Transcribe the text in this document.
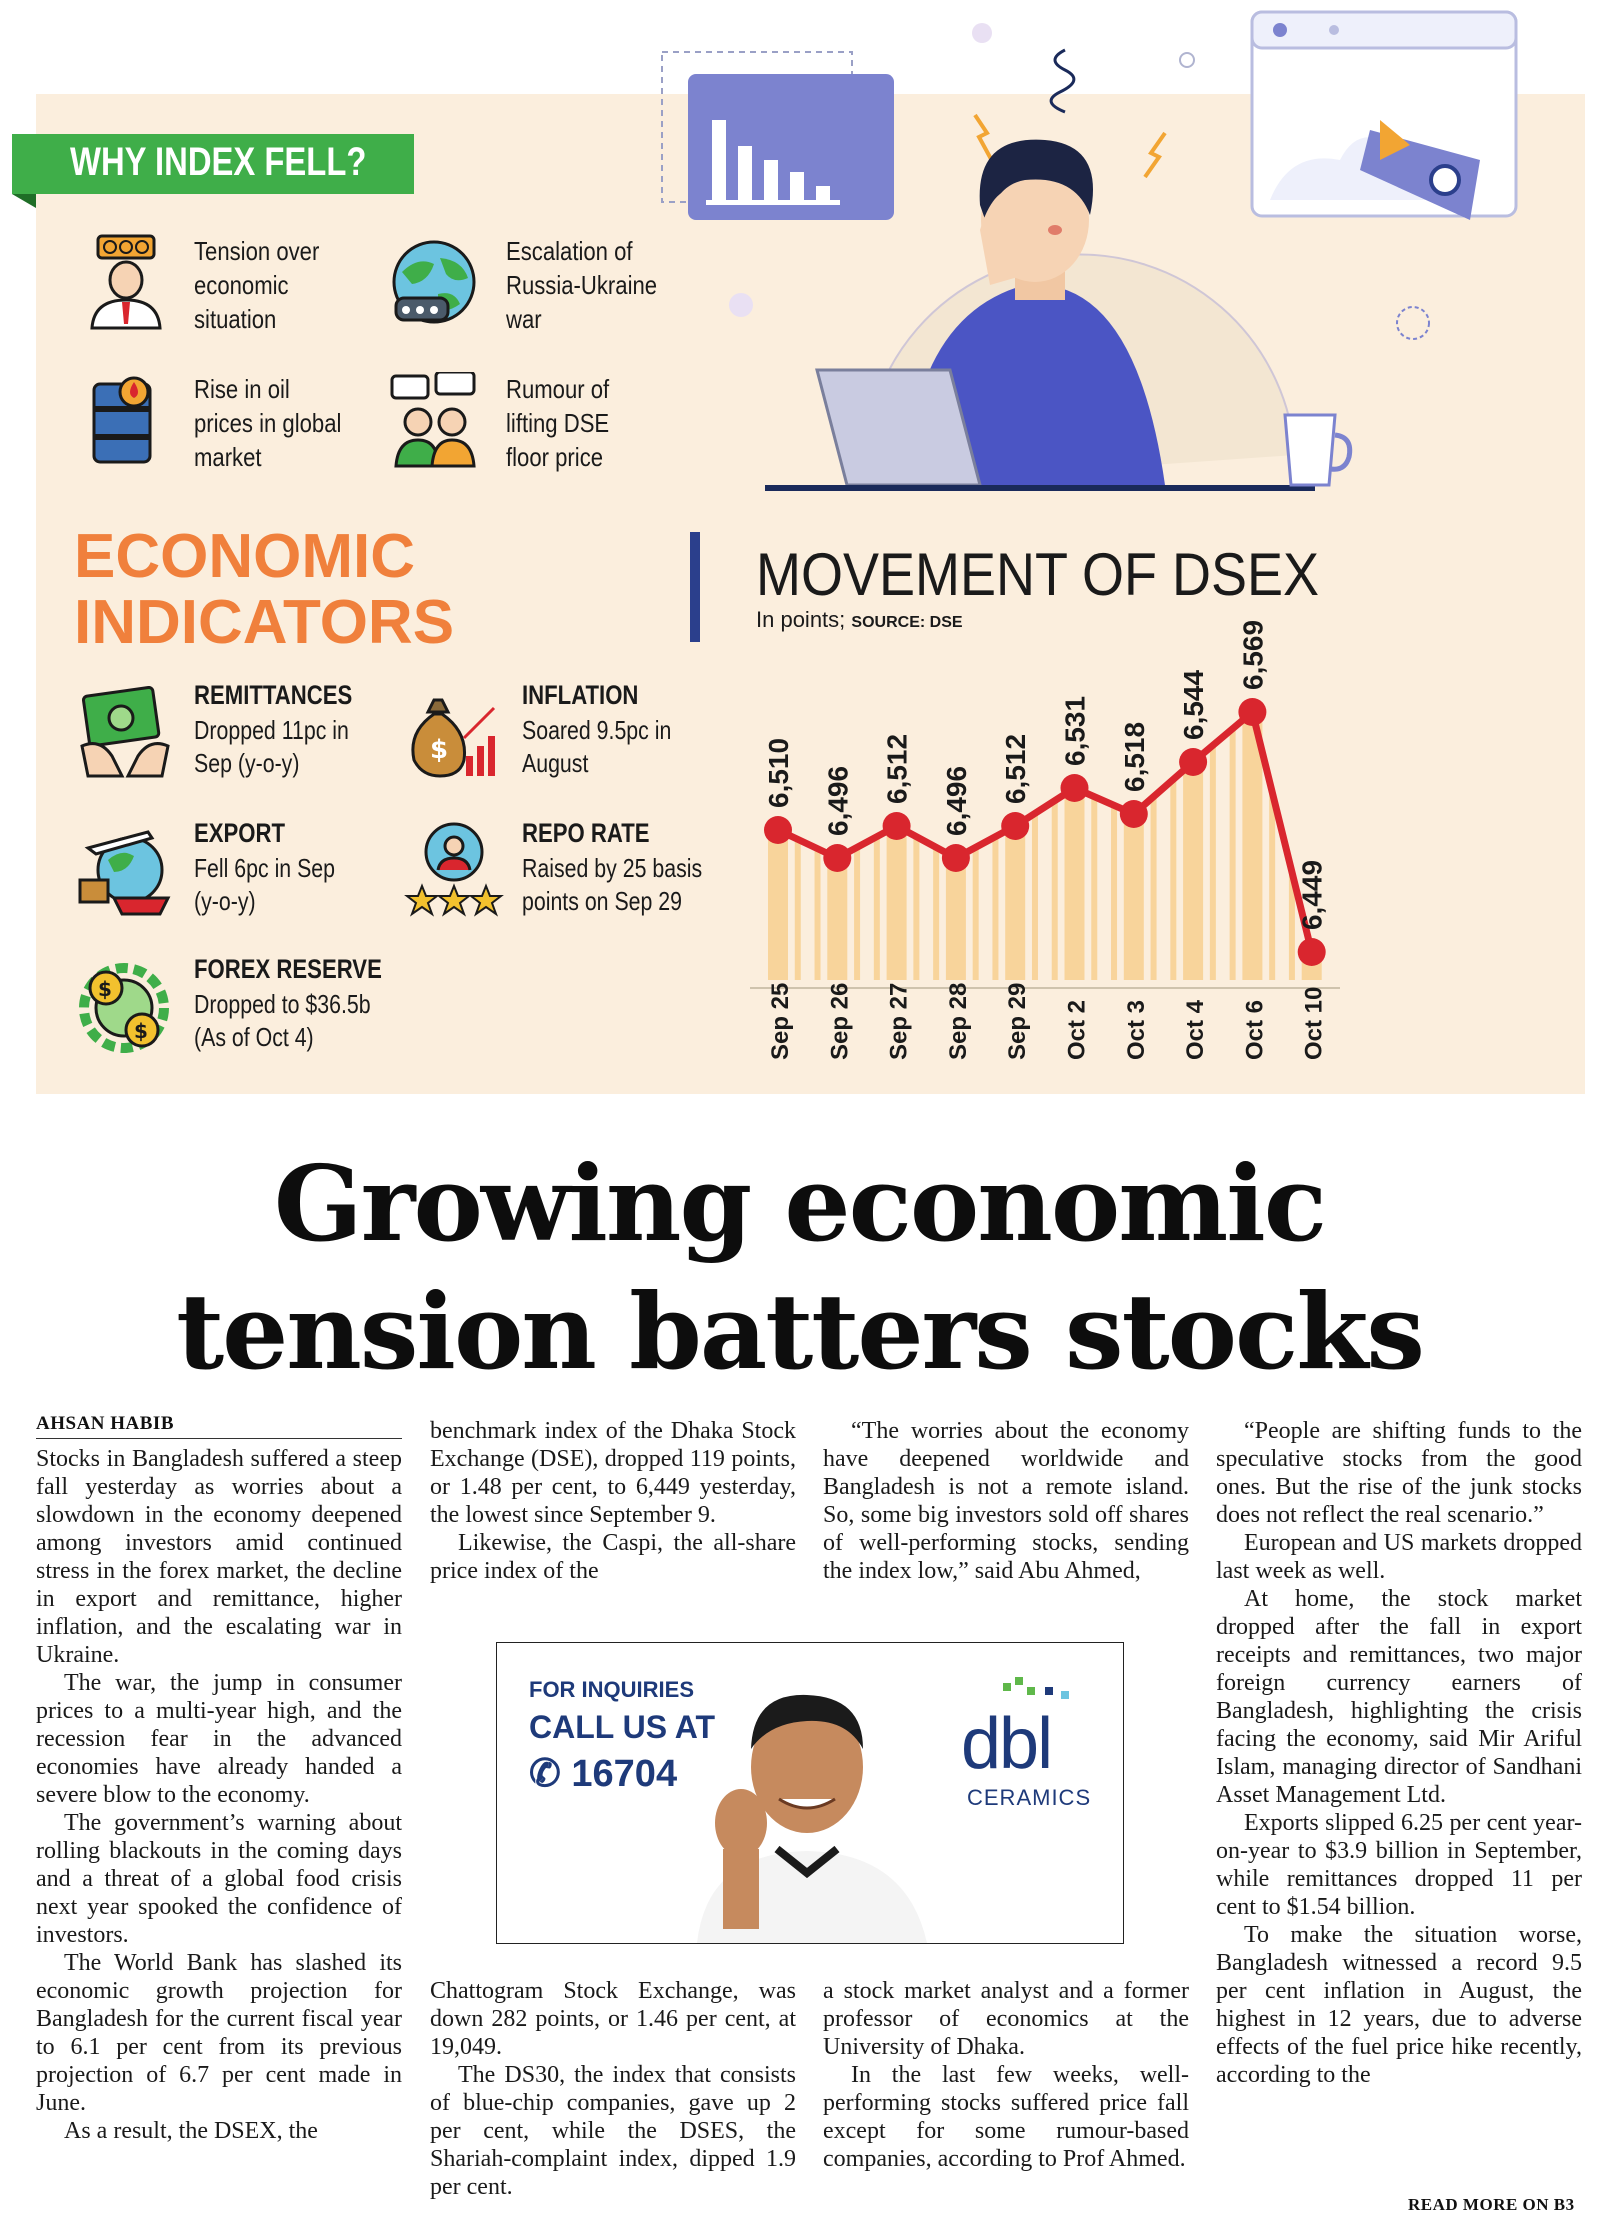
WHY INDEX FELL?
Tension over
economic
situation
Escalation of
Russia-Ukraine
war
Rise in oil
prices in global
market
Rumour of
lifting DSE
floor price
ECONOMIC
INDICATORS
REMITTANCES
Dropped 11pc in
Sep (y-o-y)	$
INFLATION
Soared 9.5pc in
August
EXPORT
Fell 6pc in Sep
(y-o-y)
REPO RATE
Raised by 25 basis
points on Sep 29
$
$
FOREX RESERVE
Dropped to $36.5b
(As of Oct 4)
MOVEMENT OF DSEX
In points; SOURCE: DSE
6,510
Sep 25
6,496
Sep 26
6,512
Sep 27
6,496
Sep 28
6,512
Sep 29
6,531
Oct 2
6,518
Oct 3
6,544
Oct 4
6,569
Oct 6
6,449
Oct 10
Growing economic
tension batters stocks
AHSAN HABIB

Stocks in Bangladesh suffered a steep fall yesterday as worries about a slowdown in the economy deepened among investors amid continued stress in the forex market, the decline in export and remittance, higher inflation, and the escalating war in Ukraine.

The war, the jump in consumer prices to a multi-year high, and the recession fear in the advanced economies have already handed a severe blow to the economy.

The government’s warning about rolling blackouts in the coming days and a threat of a global food crisis next year spooked the confidence of investors.

The World Bank has slashed its economic growth projection for Bangladesh for the current fiscal year to 6.1 per cent from its previous projection of 6.7 per cent made in June.

As a result, the DSEX, the

benchmark index of the Dhaka Stock Exchange (DSE), dropped 119 points, or 1.48 per cent, to 6,449 yesterday, the lowest since September 9.

Likewise, the Caspi, the all-share price index of the

Chattogram Stock Exchange, was down 282 points, or 1.46 per cent, at 19,049.

The DS30, the index that consists of blue-chip companies, gave up 2 per cent, while the DSES, the Shariah-complaint index, dipped 1.9 per cent.

“The worries about the economy have deepened worldwide and Bangladesh is not a remote island. So, some big investors sold off shares of well-performing stocks, sending the index low,” said Abu Ahmed,

a stock market analyst and a former professor of economics at the University of Dhaka.

In the last few weeks, well-performing stocks suffered price fall except for some rumour-based companies, according to Prof Ahmed.

“People are shifting funds to the speculative stocks from the good ones. But the rise of the junk stocks does not reflect the real scenario.”

European and US markets dropped last week as well.

At home, the stock market dropped after the fall in export receipts and remittances, two major foreign currency earners of Bangladesh, highlighting the crisis facing the economy, said Mir Ariful Islam, managing director of Sandhani Asset Management Ltd.

Exports slipped 6.25 per cent year-on-year to $3.9 billion in September, while remittances dropped 11 per cent to $1.54 billion.

To make the situation worse, Bangladesh witnessed a record 9.5 per cent inflation in August, the highest in 12 years, due to adverse effects of the fuel price hike recently, according to the

READ MORE ON B3
FOR INQUIRIES
CALL US AT
✆ 16704	dbl
CERAMICS
